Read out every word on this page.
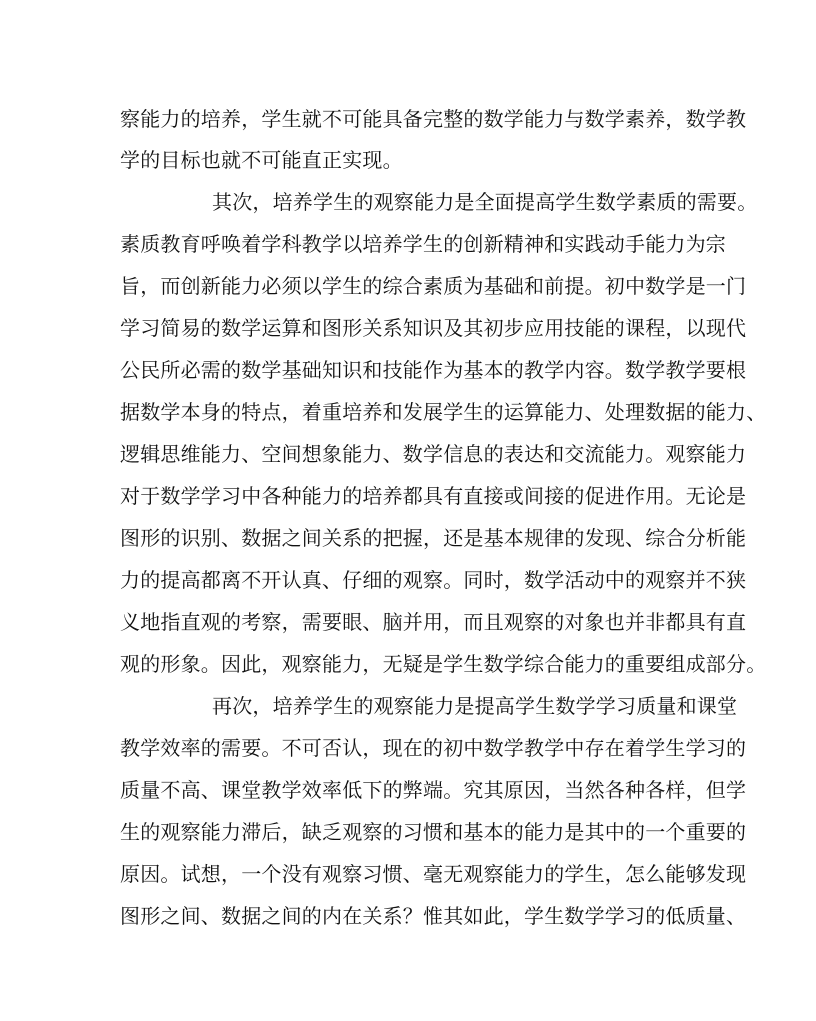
察能力的培养，学生就不可能具备完整的数学能力与数学素养，数学教
学的目标也就不可能直正实现。
其次，培养学生的观察能力是全面提高学生数学素质的需要。
素质教育呼唤着学科教学以培养学生的创新精神和实践动手能力为宗
旨，而创新能力必须以学生的综合素质为基础和前提。初中数学是一门
学习简易的数学运算和图形关系知识及其初步应用技能的课程，以现代
公民所必需的数学基础知识和技能作为基本的教学内容。数学教学要根
据数学本身的特点，着重培养和发展学生的运算能力、处理数据的能力、
逻辑思维能力、空间想象能力、数学信息的表达和交流能力。观察能力
对于数学学习中各种能力的培养都具有直接或间接的促进作用。无论是
图形的识别、数据之间关系的把握，还是基本规律的发现、综合分析能
力的提高都离不开认真、仔细的观察。同时，数学活动中的观察并不狭
义地指直观的考察，需要眼、脑并用，而且观察的对象也并非都具有直
观的形象。因此，观察能力，无疑是学生数学综合能力的重要组成部分。
再次，培养学生的观察能力是提高学生数学学习质量和课堂
教学效率的需要。不可否认，现在的初中数学教学中存在着学生学习的
质量不高、课堂教学效率低下的弊端。究其原因，当然各种各样，但学
生的观察能力滞后，缺乏观察的习惯和基本的能力是其中的一个重要的
原因。试想，一个没有观察习惯、毫无观察能力的学生，怎么能够发现
图形之间、数据之间的内在关系？惟其如此，学生数学学习的低质量、
